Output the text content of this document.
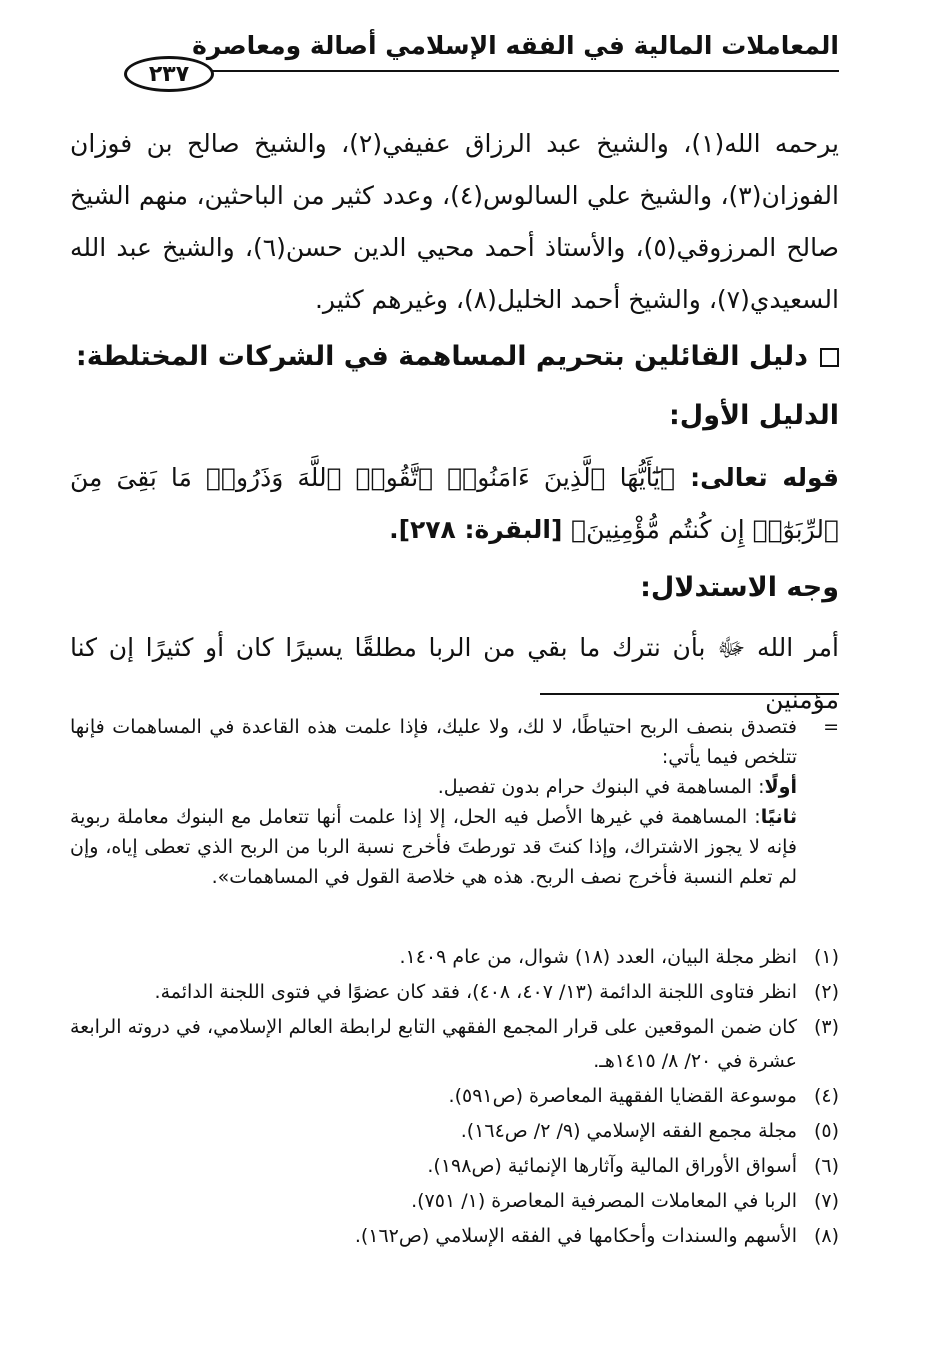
المعاملات المالية في الفقه الإسلامي أصالة ومعاصرة
٢٣٧
يرحمه الله(١)، والشيخ عبد الرزاق عفيفي(٢)، والشيخ صالح بن فوزان الفوزان(٣)، والشيخ علي السالوس(٤)، وعدد كثير من الباحثين، منهم الشيخ صالح المرزوقي(٥)، والأستاذ أحمد محيي الدين حسن(٦)، والشيخ عبد الله السعيدي(٧)، والشيخ أحمد الخليل(٨)، وغيرهم كثير.
دليل القائلين بتحريم المساهمة في الشركات المختلطة:
الدليل الأول:
قوله تعالى: ﴿يَٰٓأَيُّهَا ٱلَّذِينَ ءَامَنُوا۟ ٱتَّقُوا۟ ٱللَّهَ وَذَرُوا۟ مَا بَقِىَ مِنَ ٱلرِّبَوٰٓا۟ إِن كُنتُم مُّؤْمِنِينَ﴾ [البقرة: ٢٧٨].
وجه الاستدلال:
أمر الله ﷻ بأن نترك ما بقي من الربا مطلقًا يسيرًا كان أو كثيرًا إن كنا مؤمنين
=
فتصدق بنصف الربح احتياطًا، لا لك، ولا عليك، فإذا علمت هذه القاعدة في المساهمات فإنها تتلخص فيما يأتي:
أولًا: المساهمة في البنوك حرام بدون تفصيل.
ثانيًا: المساهمة في غيرها الأصل فيه الحل، إلا إذا علمت أنها تتعامل مع البنوك معاملة ربوية فإنه لا يجوز الاشتراك، وإذا كنتَ قد تورطتَ فأخرج نسبة الربا من الربح الذي تعطى إياه، وإن لم تعلم النسبة فأخرج نصف الربح. هذه هي خلاصة القول في المساهمات».
(١)
انظر مجلة البيان، العدد (١٨) شوال، من عام ١٤٠٩.
(٢)
انظر فتاوى اللجنة الدائمة (١٣/ ٤٠٧، ٤٠٨)، فقد كان عضوًا في فتوى اللجنة الدائمة.
(٣)
كان ضمن الموقعين على قرار المجمع الفقهي التابع لرابطة العالم الإسلامي، في دروته الرابعة عشرة في ٢٠/ ٨/ ١٤١٥هـ.
(٤)
موسوعة القضايا الفقهية المعاصرة (ص٥٩١).
(٥)
مجلة مجمع الفقه الإسلامي (٩/ ٢/ ص١٦٤).
(٦)
أسواق الأوراق المالية وآثارها الإنمائية (ص١٩٨).
(٧)
الربا في المعاملات المصرفية المعاصرة (١/ ٧٥١).
(٨)
الأسهم والسندات وأحكامها في الفقه الإسلامي (ص١٦٢).
